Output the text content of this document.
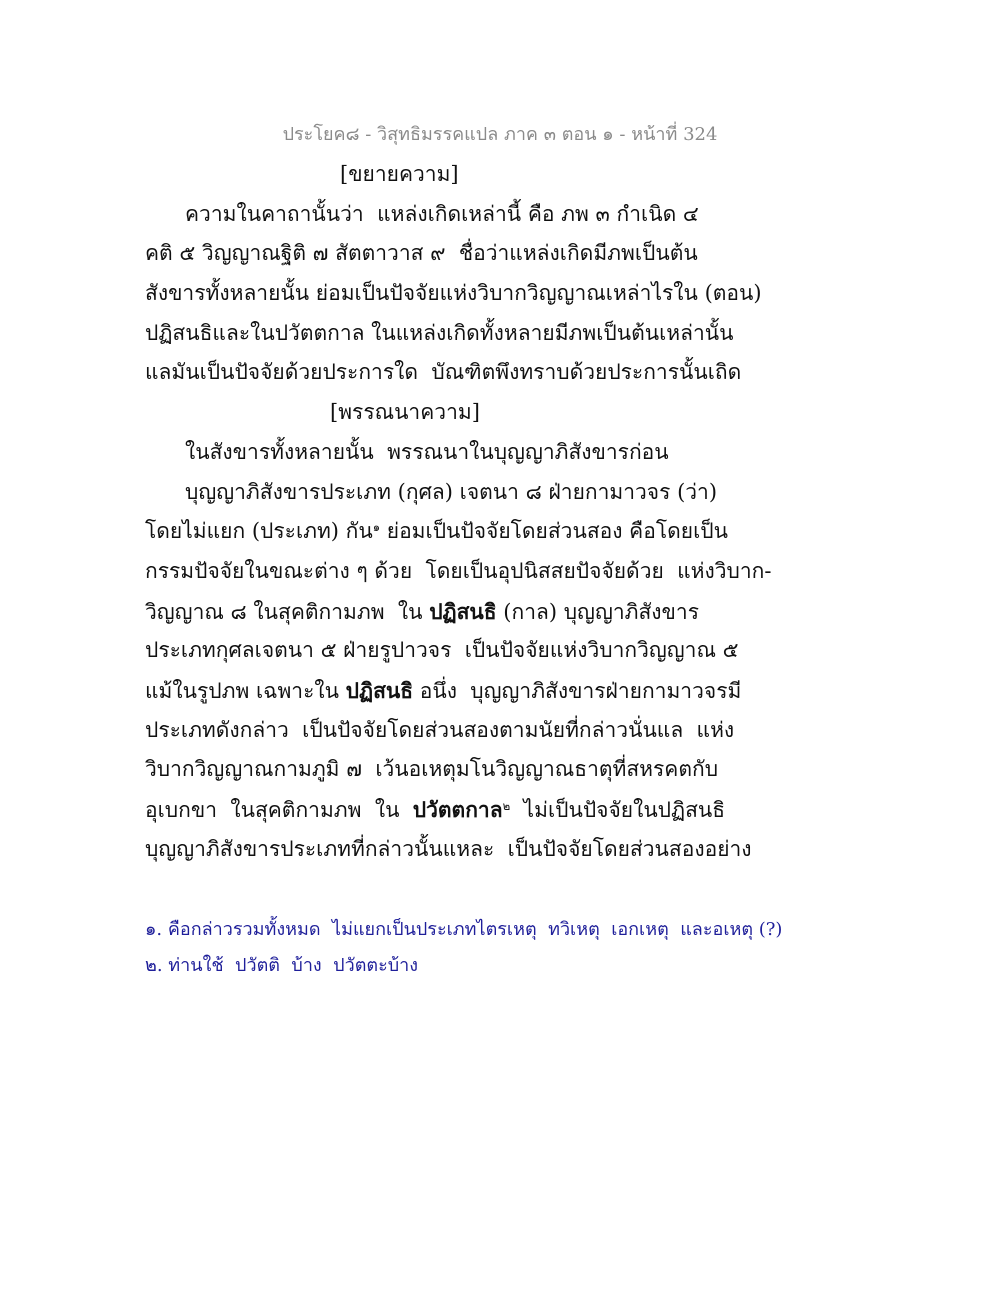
ประโยค๘ - วิสุทธิมรรคแปล ภาค ๓ ตอน ๑ - หน้าที่ 324
[ขยายความ]
ความในคาถานั้นว่า  แหล่งเกิดเหล่านี้ คือ ภพ ๓ กำเนิด ๔
คติ ๕ วิญญาณฐิติ ๗ สัตตาวาส ๙  ชื่อว่าแหล่งเกิดมีภพเป็นต้น
สังขารทั้งหลายนั้น ย่อมเป็นปัจจัยแห่งวิบากวิญญาณเหล่าไรใน (ตอน)
ปฏิสนธิและในปวัตตกาล ในแหล่งเกิดทั้งหลายมีภพเป็นต้นเหล่านั้น
แลมันเป็นปัจจัยด้วยประการใด  บัณฑิตพึงทราบด้วยประการนั้นเถิด
[พรรณนาความ]
ในสังขารทั้งหลายนั้น  พรรณนาในบุญญาภิสังขารก่อน
บุญญาภิสังขารประเภท (กุศล) เจตนา ๘ ฝ่ายกามาวจร (ว่า)
โดยไม่แยก (ประเภท) กัน$^๑$ ย่อมเป็นปัจจัยโดยส่วนสอง คือโดยเป็น
กรรมปัจจัยในขณะต่าง ๆ ด้วย  โดยเป็นอุปนิสสยปัจจัยด้วย  แห่งวิบาก-
วิญญาณ ๘ ในสุคติกามภพ  ใน ปฏิสนธิ (กาล) บุญญาภิสังขาร
ประเภทกุศลเจตนา ๕ ฝ่ายรูปาวจร  เป็นปัจจัยแห่งวิบากวิญญาณ ๕
แม้ในรูปภพ เฉพาะใน ปฏิสนธิ อนึ่ง  บุญญาภิสังขารฝ่ายกามาวจรมี
ประเภทดังกล่าว  เป็นปัจจัยโดยส่วนสองตามนัยที่กล่าวนั่นแล  แห่ง
วิบากวิญญาณกามภูมิ ๗  เว้นอเหตุมโนวิญญาณธาตุที่สหรคตกับ
อุเบกขา  ในสุคติกามภพ  ใน  ปวัตตกาล$^๒$  ไม่เป็นปัจจัยในปฏิสนธิ
บุญญาภิสังขารประเภทที่กล่าวนั้นแหละ  เป็นปัจจัยโดยส่วนสองอย่าง
๑. คือกล่าวรวมทั้งหมด  ไม่แยกเป็นประเภทไตรเหตุ  ทวิเหตุ  เอกเหตุ  และอเหตุ (?)
๒. ท่านใช้  ปวัตติ  บ้าง  ปวัตตะบ้าง
